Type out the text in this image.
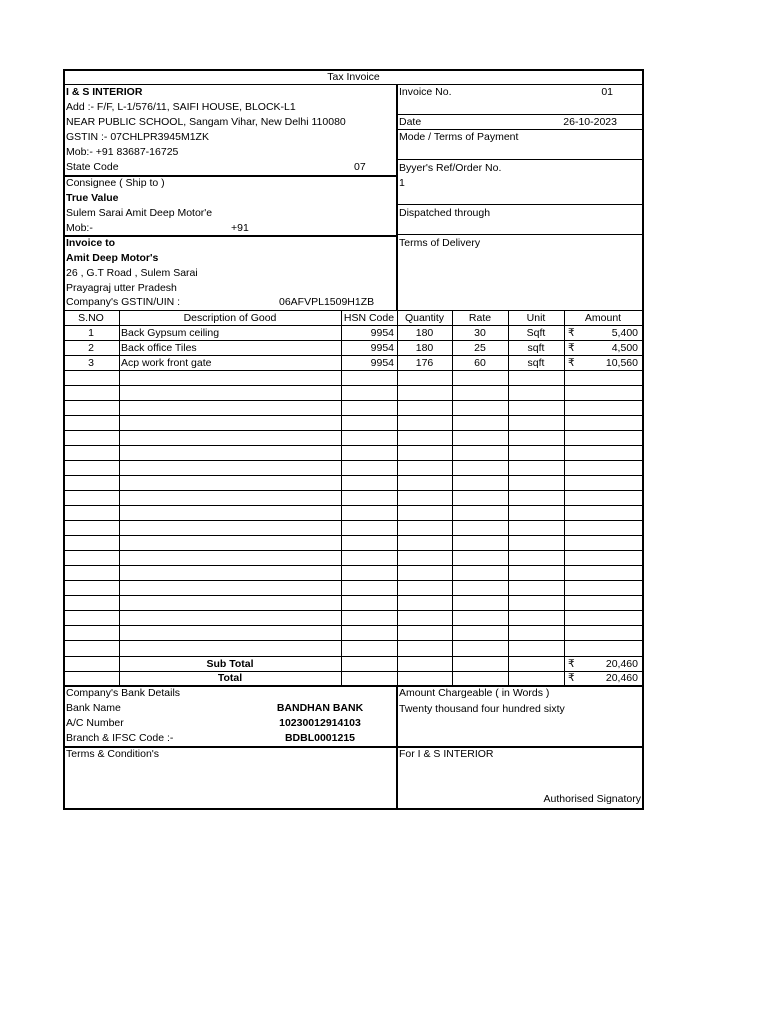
Tax Invoice
I & S INTERIOR
Add :- F/F, L-1/576/11, SAIFI HOUSE, BLOCK-L1
NEAR PUBLIC SCHOOL, Sangam Vihar, New Delhi 110080
GSTIN :- 07CHLPR3945M1ZK
Mob:- +91 83687-16725
State Code	07
Consignee ( Ship to )
True Value
Sulem Sarai Amit Deep Motor'e
Mob:-	+91
Invoice to
Amit Deep Motor's
26 , G.T Road , Sulem Sarai
Prayagraj utter Pradesh
Company's GSTIN/UIN :	06AFVPL1509H1ZB
Invoice No.	01
Date	26-10-2023
Mode / Terms of Payment
Byyer's Ref/Order No.
1
Dispatched through
Terms of Delivery
S.NO	Description of Good	HSN Code	Quantity	Rate	Unit	Amount
1	Back Gypsum ceiling	9954	180	30	Sqft	₹	5,400
2	Back office Tiles	9954	180	25	sqft	₹	4,500
3	Acp work front gate	9954	176	60	sqft	₹	10,560
Sub Total	₹	20,460
Total	₹	20,460
Company's Bank Details
Bank Name	BANDHAN BANK
A/C Number	10230012914103
Branch & IFSC Code :-	BDBL0001215
Amount Chargeable ( in Words )
Twenty thousand four hundred sixty
Terms & Condition's	For I & S INTERIOR
Authorised Signatory
